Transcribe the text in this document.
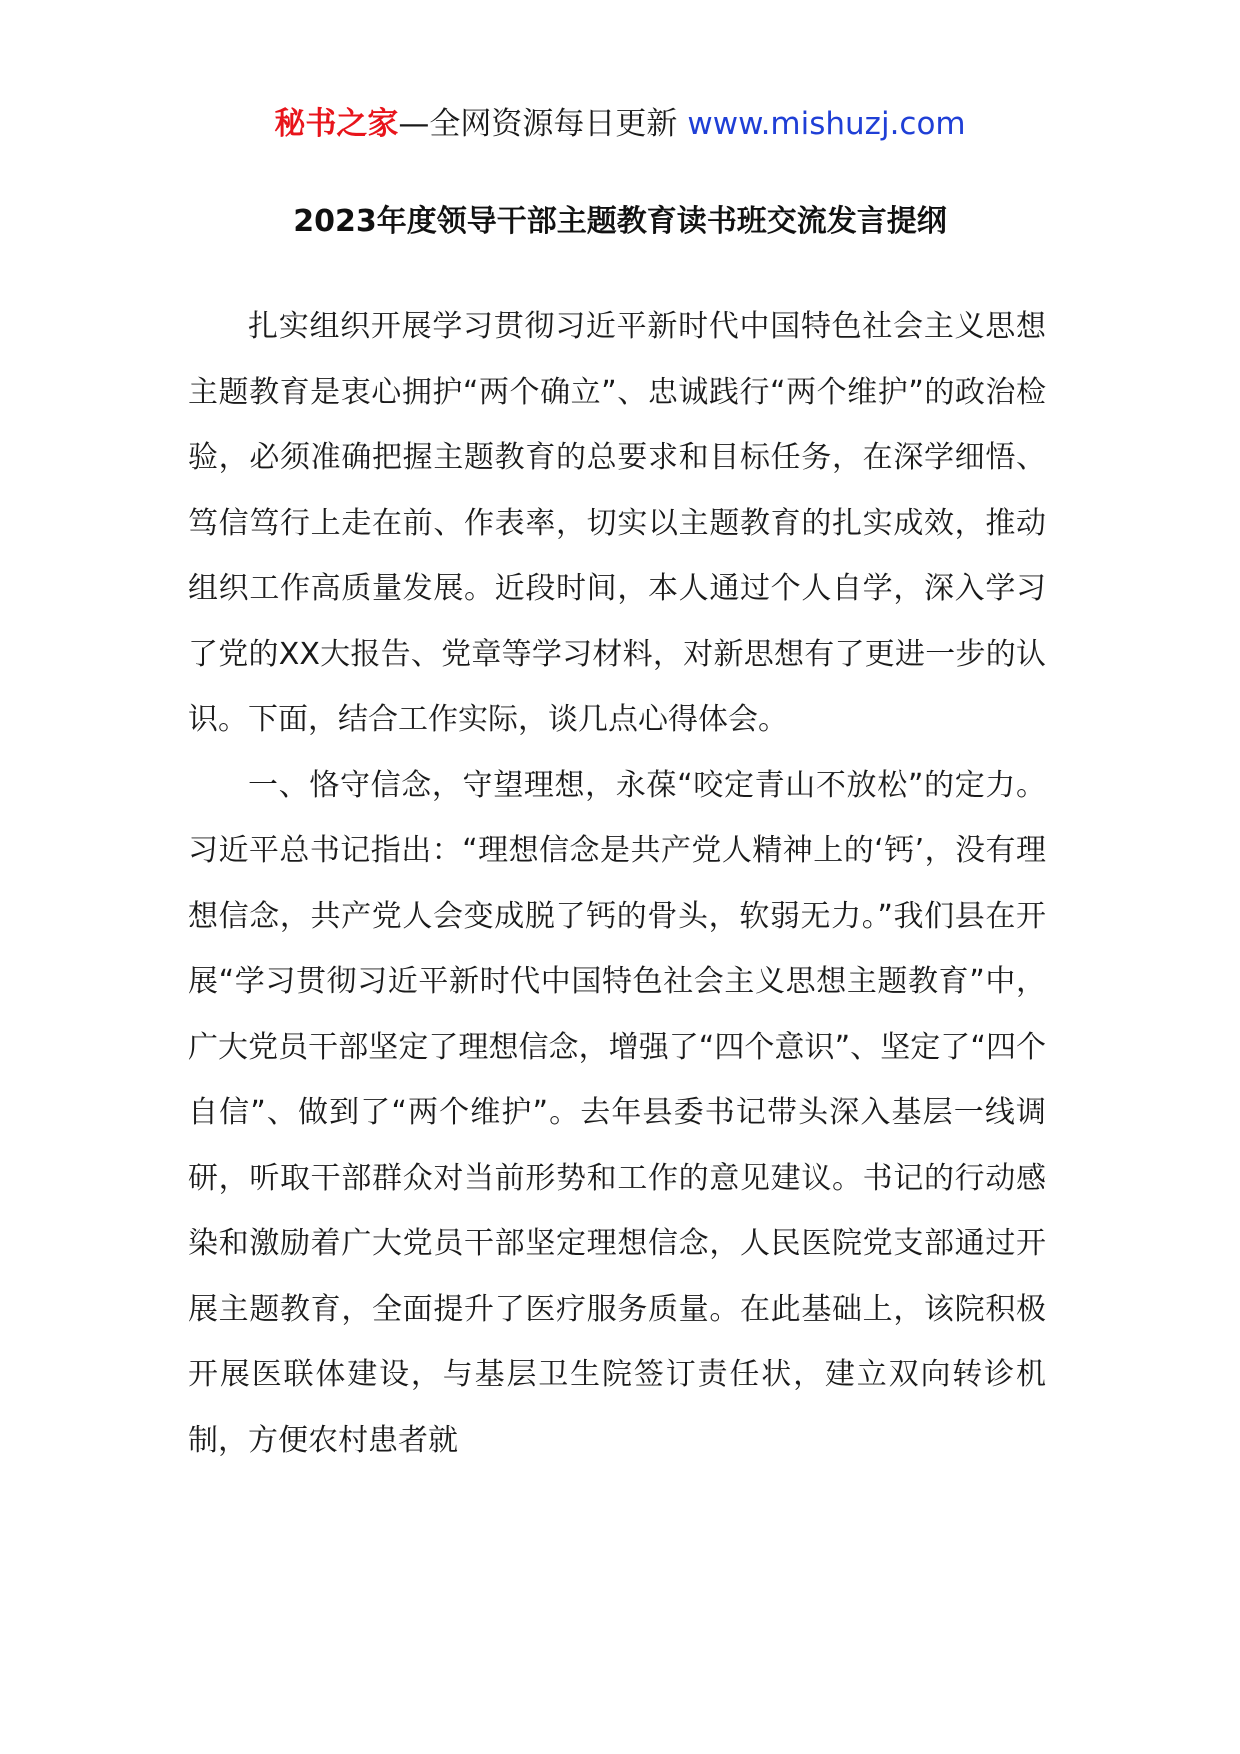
秘书之家—全网资源每日更新 www.mishuzj.com
2023年度领导干部主题教育读书班交流发言提纲

扎实组织开展学习贯彻习近平新时代中国特色社会主义思想主题教育是衷心拥护“两个确立”、忠诚践行“两个维护”的政治检验，必须准确把握主题教育的总要求和目标任务，在深学细悟、笃信笃行上走在前、作表率，切实以主题教育的扎实成效，推动组织工作高质量发展。近段时间，本人通过个人自学，深入学习了党的XX大报告、党章等学习材料，对新思想有了更进一步的认识。下面，结合工作实际，谈几点心得体会。

一、恪守信念，守望理想，永葆“咬定青山不放松”的定力。习近平总书记指出：“理想信念是共产党人精神上的‘钙’，没有理想信念，共产党人会变成脱了钙的骨头，软弱无力。”我们县在开展“学习贯彻习近平新时代中国特色社会主义思想主题教育”中，广大党员干部坚定了理想信念，增强了“四个意识”、坚定了“四个自信”、做到了“两个维护”。去年县委书记带头深入基层一线调研，听取干部群众对当前形势和工作的意见建议。书记的行动感染和激励着广大党员干部坚定理想信念，人民医院党支部通过开展主题教育，全面提升了医疗服务质量。在此基础上，该院积极开展医联体建设，与基层卫生院签订责任状，建立双向转诊机制，方便农村患者就
